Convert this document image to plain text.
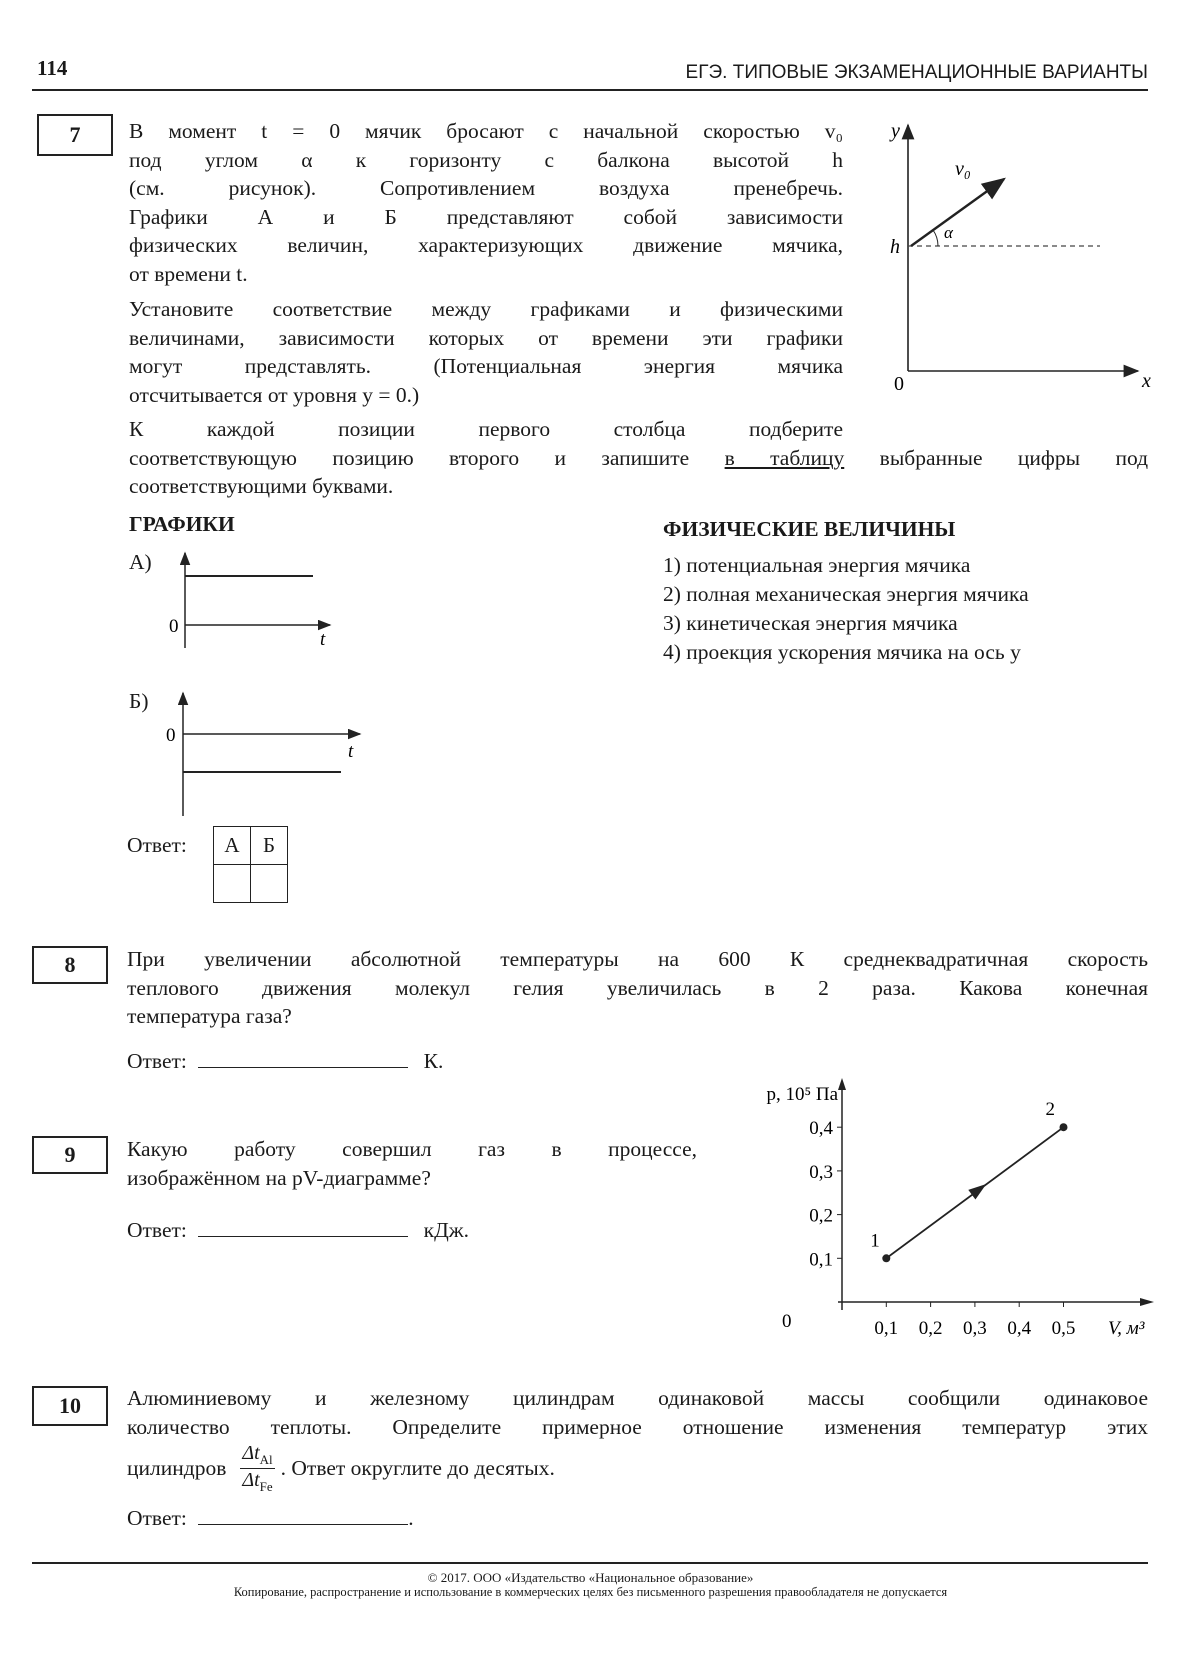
114	ЕГЭ. ТИПОВЫЕ ЭКЗАМЕНАЦИОННЫЕ ВАРИАНТЫ
7	В момент t = 0 мячик бросают с начальной скоростью v₀
под углом α к горизонту с балкона высотой h
(см. рисунок). Сопротивлением воздуха пренебречь.
Графики А и Б представляют собой зависимости
физических величин, характеризующих движение мячика,
от времени t.
Установите соответствие между графиками и физическими
величинами, зависимости которых от времени эти графики
могут представлять. (Потенциальная энергия мячика
отсчитывается от уровня y = 0.)
К каждой позиции первого столбца подберите
соответствующую позицию второго и запишите в таблицу выбранные цифры под
соответствующими буквами.
y
x
0
h
v₀
α
ГРАФИКИ	ФИЗИЧЕСКИЕ ВЕЛИЧИНЫ
1) потенциальная энергия мячика
2) полная механическая энергия мячика
3) кинетическая энергия мячика
4) проекция ускорения мячика на ось y
А)
0
t
Б)
0
t
Ответ: А	Б

8	При увеличении абсолютной температуры на 600 К среднеквадратичная скорость
теплового движения молекул гелия увеличилась в 2 раза. Какова конечная
температура газа?
Ответ:	К.
9	Какую работу совершил газ в процессе,
изображённом на pV-диаграмме?
Ответ:	кДж.
0,1 0,2 0,3 0,4 0,5
0,1
0,2
0,3
0,4
0	V, м³
p, 10⁵ Па
1
2
10	Алюминиевому и железному цилиндрам одинаковой массы сообщили одинаковое
количество теплоты. Определите примерное отношение изменения температур этих
цилиндров
$\Delta t_{Al}$
$\Delta t_{Fe}$
. Ответ округлите до десятых.
Ответ:	.
© 2017. ООО «Издательство «Национальное образование»
Копирование, распространение и использование в коммерческих целях без письменного разрешения правообладателя не допускается
